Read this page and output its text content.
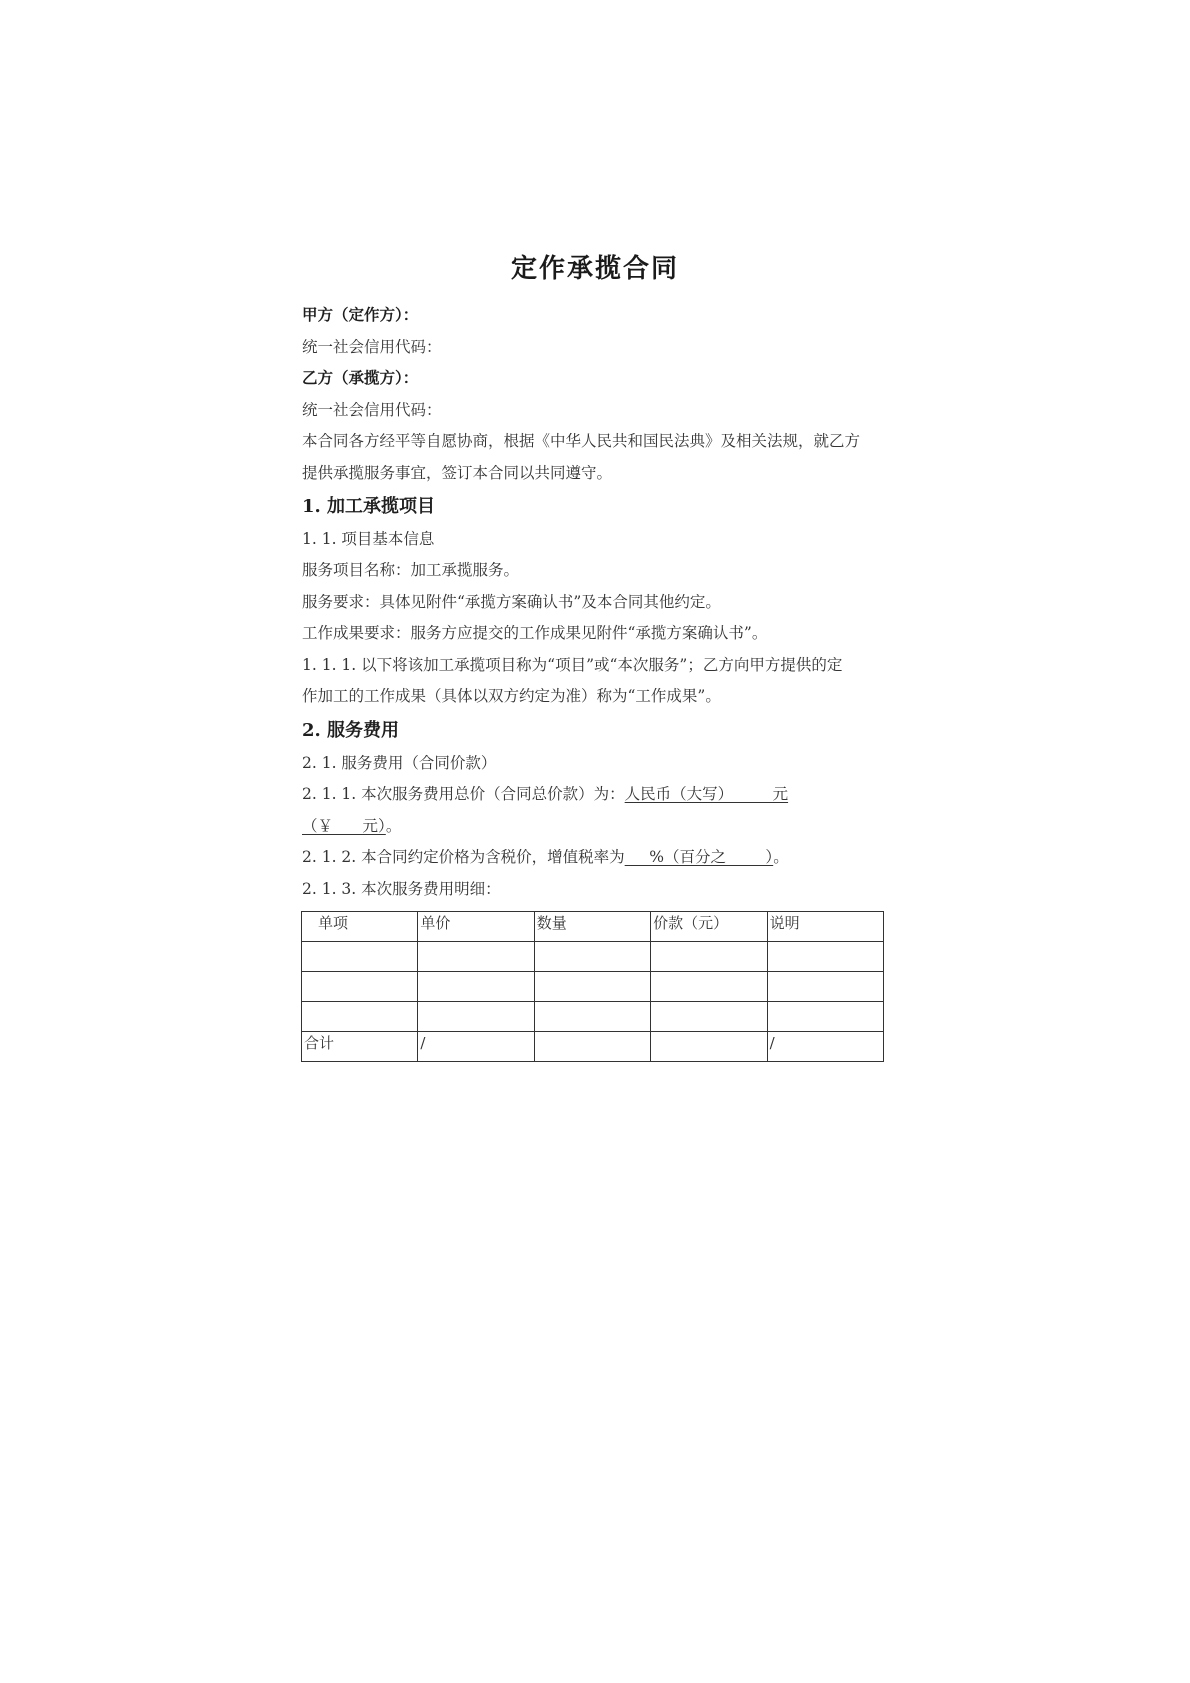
定作承揽合同
甲方（定作方）：
统一社会信用代码：
乙方（承揽方）：
统一社会信用代码：
本合同各方经平等自愿协商，根据《中华人民共和国民法典》及相关法规，就乙方
提供承揽服务事宜，签订本合同以共同遵守。
1. 加工承揽项目
1. 1. 项目基本信息
服务项目名称：加工承揽服务。
服务要求：具体见附件“承揽方案确认书”及本合同其他约定。
工作成果要求：服务方应提交的工作成果见附件“承揽方案确认书”。
1. 1. 1. 以下将该加工承揽项目称为“项目”或“本次服务”；乙方向甲方提供的定
作加工的工作成果（具体以双方约定为准）称为“工作成果”。
2. 服务费用
2. 1. 服务费用（合同价款）
2. 1. 1. 本次服务费用总价（合同总价款）为：人民币（大写）        元
（￥      元）。
2. 1. 2. 本合同约定价格为含税价，增值税率为     %（百分之        ）。
2. 1. 3. 本次服务费用明细：
单项	单价	数量	价款（元）	说明

合计	/			/
